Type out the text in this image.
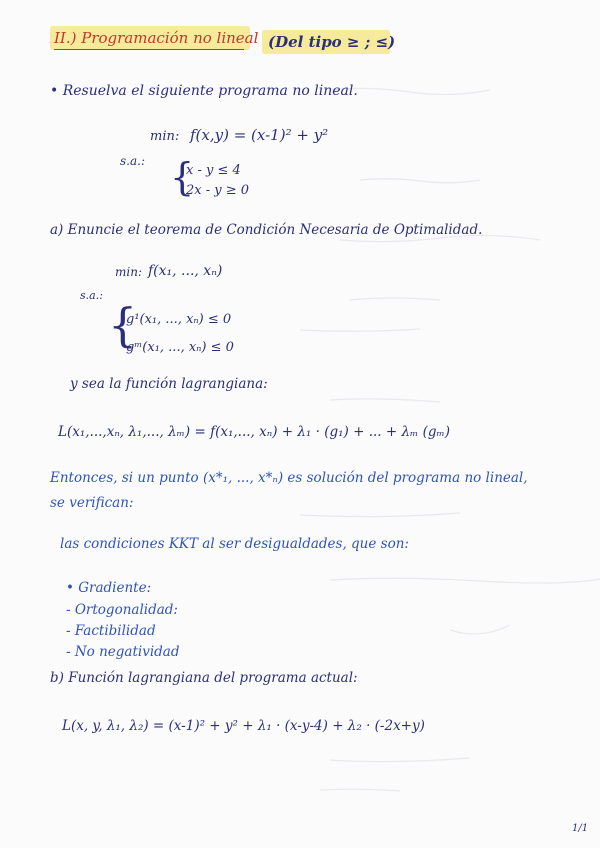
II.) Programación no lineal (Del tipo ≥ ; ≤)
• Resuelva el siguiente programa no lineal.
min: f(x,y) = (x-1)² + y²
s.a.: {
x - y ≤ 4
2x - y ≥ 0
a) Enuncie el teorema de Condición Necesaria de Optimalidad.
min: f(x₁, ..., xₙ)
s.a.:
{
g¹(x₁, ..., xₙ) ≤ 0
gᵐ(x₁, ..., xₙ) ≤ 0
y sea la función lagrangiana:
L(x₁,...,xₙ, λ₁,..., λₘ) = f(x₁,..., xₙ) + λ₁ · (g₁) + ... + λₘ (gₘ)
Entonces, si un punto (x*₁, ..., x*ₙ) es solución del programa no lineal,
se verifican:
las condiciones KKT al ser desigualdades, que son:
• Gradiente:
- Ortogonalidad:
- Factibilidad
- No negatividad
b) Función lagrangiana del programa actual:
L(x, y, λ₁, λ₂) = (x-1)² + y² + λ₁ · (x-y-4) + λ₂ · (-2x+y)
1/1
